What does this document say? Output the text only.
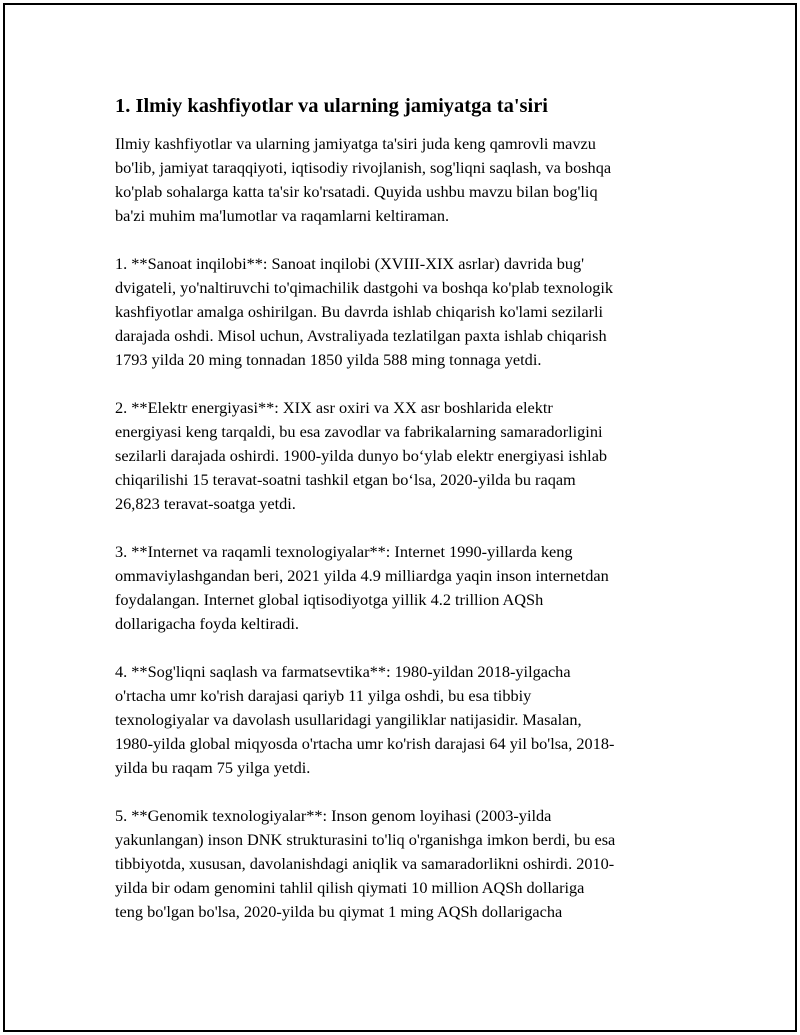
1. Ilmiy kashfiyotlar va ularning jamiyatga ta'siri

Ilmiy kashfiyotlar va ularning jamiyatga ta'siri juda keng qamrovli mavzu
bo'lib, jamiyat taraqqiyoti, iqtisodiy rivojlanish, sog'liqni saqlash, va boshqa
ko'plab sohalarga katta ta'sir ko'rsatadi. Quyida ushbu mavzu bilan bog'liq
ba'zi muhim ma'lumotlar va raqamlarni keltiraman.

1. **Sanoat inqilobi**: Sanoat inqilobi (XVIII-XIX asrlar) davrida bug'
dvigateli, yo'naltiruvchi to'qimachilik dastgohi va boshqa ko'plab texnologik
kashfiyotlar amalga oshirilgan. Bu davrda ishlab chiqarish ko'lami sezilarli
darajada oshdi. Misol uchun, Avstraliyada tezlatilgan paxta ishlab chiqarish
1793 yilda 20 ming tonnadan 1850 yilda 588 ming tonnaga yetdi.

2. **Elektr energiyasi**: XIX asr oxiri va XX asr boshlarida elektr
energiyasi keng tarqaldi, bu esa zavodlar va fabrikalarning samaradorligini
sezilarli darajada oshirdi. 1900-yilda dunyo bo‘ylab elektr energiyasi ishlab
chiqarilishi 15 teravat-soatni tashkil etgan bo‘lsa, 2020-yilda bu raqam
26,823 teravat-soatga yetdi.

3. **Internet va raqamli texnologiyalar**: Internet 1990-yillarda keng
ommaviylashgandan beri, 2021 yilda 4.9 milliardga yaqin inson internetdan
foydalangan. Internet global iqtisodiyotga yillik 4.2 trillion AQSh
dollarigacha foyda keltiradi.

4. **Sog'liqni saqlash va farmatsevtika**: 1980-yildan 2018-yilgacha
o'rtacha umr ko'rish darajasi qariyb 11 yilga oshdi, bu esa tibbiy
texnologiyalar va davolash usullaridagi yangiliklar natijasidir. Masalan,
1980-yilda global miqyosda o'rtacha umr ko'rish darajasi 64 yil bo'lsa, 2018-
yilda bu raqam 75 yilga yetdi.

5. **Genomik texnologiyalar**: Inson genom loyihasi (2003-yilda
yakunlangan) inson DNK strukturasini to'liq o'rganishga imkon berdi, bu esa
tibbiyotda, xususan, davolanishdagi aniqlik va samaradorlikni oshirdi. 2010-
yilda bir odam genomini tahlil qilish qiymati 10 million AQSh dollariga
teng bo'lgan bo'lsa, 2020-yilda bu qiymat 1 ming AQSh dollarigacha
